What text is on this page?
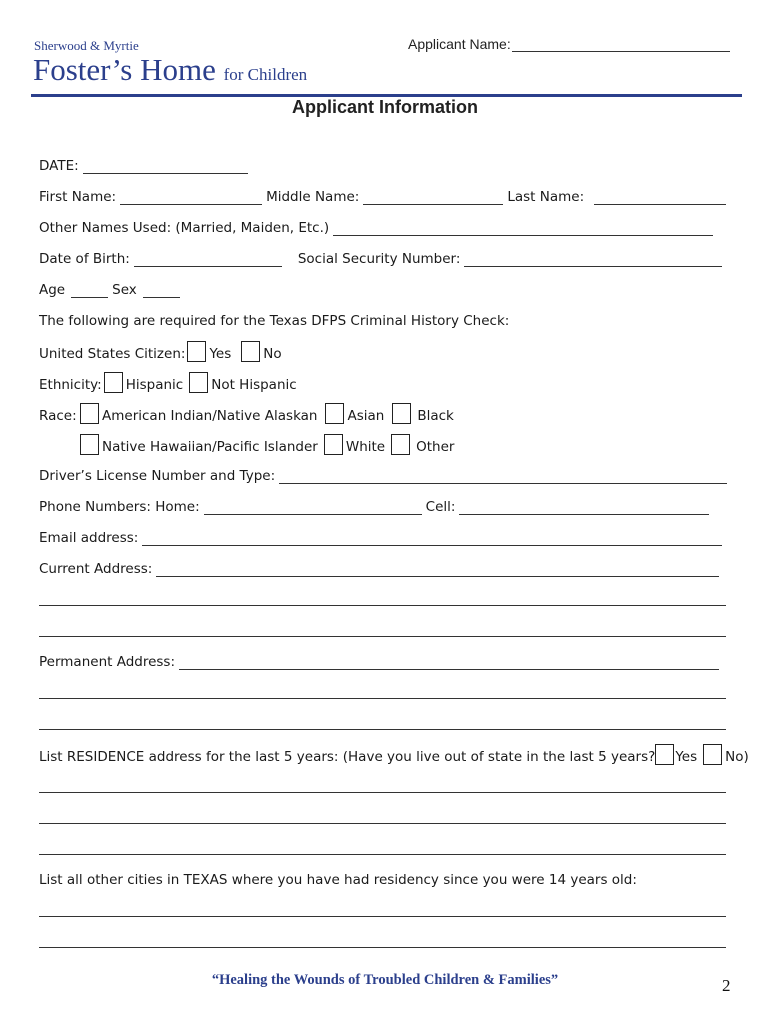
Sherwood & Myrtie
Foster’s Home for Children
Applicant Name:
Applicant Information
DATE:
First Name:	Middle Name:	Last Name:
Other Names Used: (Married, Maiden, Etc.)
Date of Birth:	Social Security Number:
Age	Sex
The following are required for the Texas DFPS Criminal History Check:
United States Citizen: Yes No
Ethnicity: Hispanic Not Hispanic
Race: American Indian/Native Alaskan Asian Black
Native Hawaiian/Pacific Islander White Other
Driver’s License Number and Type:
Phone Numbers: Home:	Cell:
Email address:
Current Address:
Permanent Address:
List RESIDENCE address for the last 5 years: (Have you live out of state in the last 5 years? Yes No)
List all other cities in TEXAS where you have had residency since you were 14 years old:
“Healing the Wounds of Troubled Children & Families”	2
